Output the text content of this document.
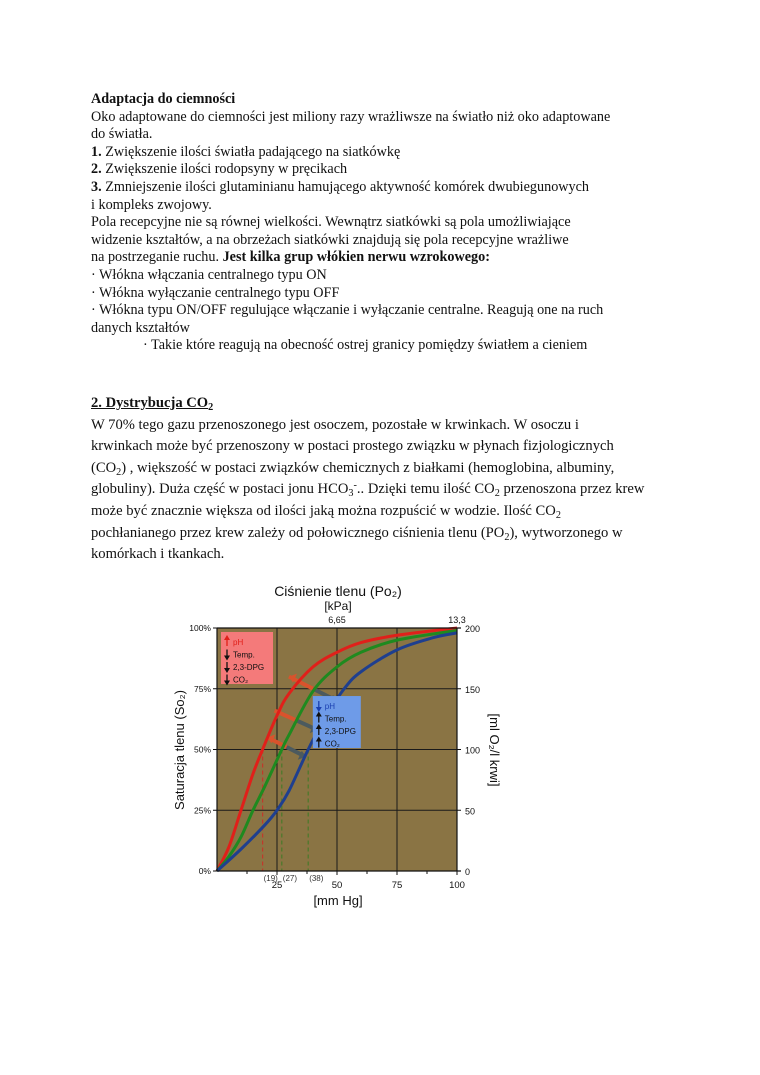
Adaptacja do ciemności
Oko adaptowane do ciemności jest miliony razy wrażliwsze na światło niż oko adaptowane
do światła.
1. Zwiększenie ilości światła padającego na siatkówkę
2. Zwiększenie ilości rodopsyny w pręcikach
3. Zmniejszenie ilości glutaminianu hamującego aktywność komórek dwubiegunowych
i kompleks zwojowy.
Pola recepcyjne nie są równej wielkości. Wewnątrz siatkówki są pola umożliwiające
widzenie kształtów, a na obrzeżach siatkówki znajdują się pola recepcyjne wrażliwe
na postrzeganie ruchu. Jest kilka grup włókien nerwu wzrokowego:
· Włókna włączania centralnego typu ON
· Włókna wyłączanie centralnego typu OFF
· Włókna typu ON/OFF regulujące włączanie i wyłączanie centralne. Reagują one na ruch
danych kształtów
· Takie które reagują na obecność ostrej granicy pomiędzy światłem a cieniem
2. Dystrybucja $CO_2$
W 70% tego gazu przenoszonego jest osoczem, pozostałe w krwinkach. W osoczu i
krwinkach może być przenoszony w postaci prostego związku w płynach fizjologicznych
$(CO_2)$ , większość w postaci związków chemicznych z białkami (hemoglobina, albuminy,
globuliny). Duża część w postaci jonu $HCO_3^-$.. Dzięki temu ilość $CO_2$ przenoszona przez krew
może być znacznie większa od ilości jaką można rozpuścić w wodzie. Ilość $CO_2$
pochłanianego przez krew zależy od połowicznego ciśnienia tlenu $(PO_2)$, wytworzonego w
komórkach i tkankach.
(19) (27) (38)
0%	0
25%	50
50%	100
75%	150
100%	200
25	50	75	100
6,65	13,3
pH
Temp.
2,3-DPG
CO₂
pH
Temp.
2,3-DPG
CO₂
Ciśnienie tlenu (Po₂)
[kPa]
[mm Hg]
Saturacja tlenu (So₂)	[ml O₂/l krwi]
